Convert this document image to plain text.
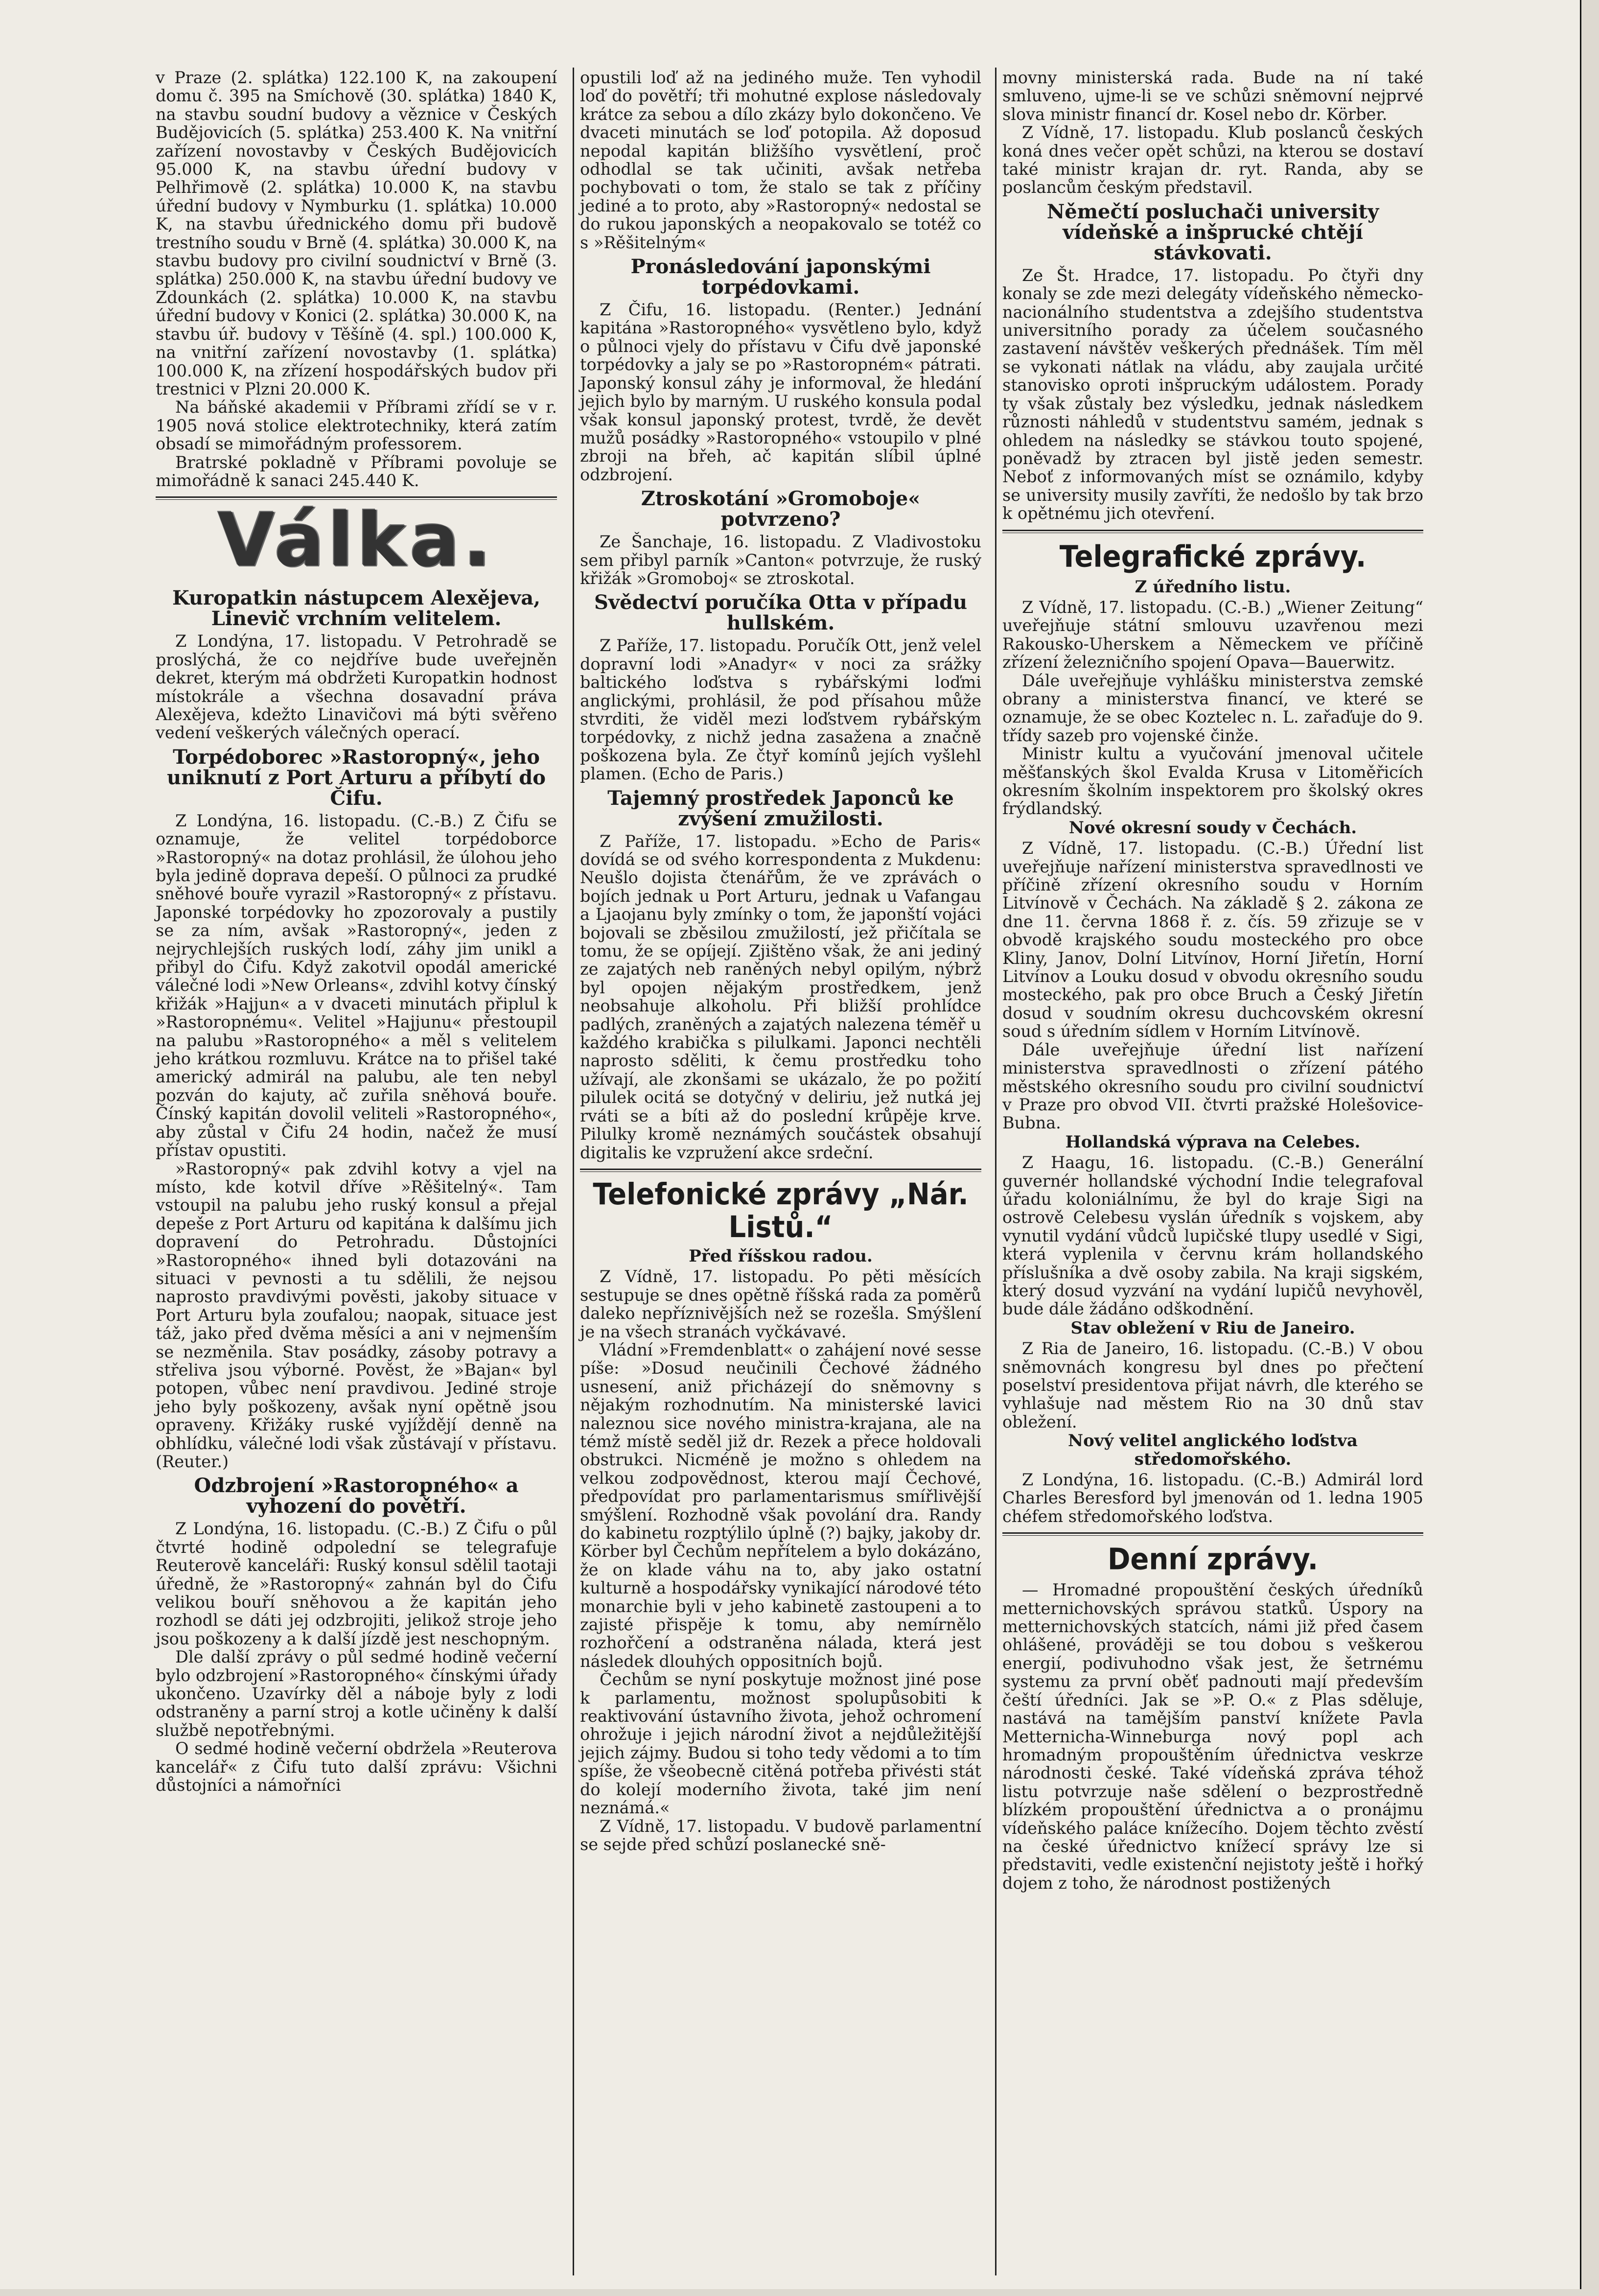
v Praze (2. splátka) 122.100 K, na zakoupení domu č. 395 na Smíchově (30. splátka) 1840 K, na stavbu soudní budovy a věznice v Českých Budějovicích (5. splátka) 253.400 K. Na vnitřní zařízení novostavby v Českých Budějovicích 95.000 K, na stavbu úřední budovy v Pelhřimově (2. splátka) 10.000 K, na stavbu úřední budovy v Nymburku (1. splátka) 10.000 K, na stavbu úřednického domu při budově trestního soudu v Brně (4. splátka) 30.000 K, na stavbu budovy pro civilní soudnictví v Brně (3. splátka) 250.000 K, na stavbu úřední budovy ve Zdounkách (2. splátka) 10.000 K, na stavbu úřední budovy v Konici (2. splátka) 30.000 K, na stavbu úř. budovy v Těšíně (4. spl.) 100.000 K, na vnitřní zařízení novostavby (1. splátka) 100.000 K, na zřízení hospodářských budov při trestnici v Plzni 20.000 K.

Na báňské akademii v Příbrami zřídí se v r. 1905 nová stolice elektrotechniky, která zatím obsadí se mimořádným professorem.

Bratrské pokladně v Příbrami povoluje se mimořádně k sanaci 245.440 K.

Válka.
Kuropatkin nástupcem Alexějeva, Linevič vrchním velitelem.

Z Londýna, 17. listopadu. V Petrohradě se proslýchá, že co nejdříve bude uveřejněn dekret, kterým má obdržeti Kuropatkin hodnost místokrále a všechna dosavadní práva Alexějeva, kdežto Linavičovi má býti svěřeno vedení veškerých válečných operací.

Torpédoborec »Rastoropný«, jeho uniknutí z Port Arturu a příbytí do Čifu.

Z Londýna, 16. listopadu. (C.-B.) Z Čifu se oznamuje, že velitel torpédoborce »Rastoropný« na dotaz prohlásil, že úlohou jeho byla jedině doprava depeší. O půlnoci za prudké sněhové bouře vyrazil »Rastoropný« z přístavu. Japonské torpédovky ho zpozorovaly a pustily se za ním, avšak »Rastoropný«, jeden z nejrychlejších ruských lodí, záhy jim unikl a přibyl do Čifu. Když zakotvil opodál americké válečné lodi »New Orleans«, zdvihl kotvy čínský křižák »Hajjun« a v dvaceti minutách připlul k »Rastoropnému«. Velitel »Hajjunu« přestoupil na palubu »Rastoropného« a měl s velitelem jeho krátkou rozmluvu. Krátce na to přišel také americký admirál na palubu, ale ten nebyl pozván do kajuty, ač zuřila sněhová bouře. Čínský kapitán dovolil veliteli »Rastoropného«, aby zůstal v Čifu 24 hodin, načež že musí přístav opustiti.

»Rastoropný« pak zdvihl kotvy a vjel na místo, kde kotvil dříve »Rěšitelný«. Tam vstoupil na palubu jeho ruský konsul a přejal depeše z Port Arturu od kapitána k dalšímu jich dopravení do Petrohradu. Důstojníci »Rastoropného« ihned byli dotazováni na situaci v pevnosti a tu sdělili, že nejsou naprosto pravdivými pověsti, jakoby situace v Port Arturu byla zoufalou; naopak, situace jest táž, jako před dvěma měsíci a ani v nejmenším se nezměnila. Stav posádky, zásoby potravy a střeliva jsou výborné. Pověst, že »Bajan« byl potopen, vůbec není pravdivou. Jediné stroje jeho byly poškozeny, avšak nyní opětně jsou opraveny. Křižáky ruské vyjíždějí denně na obhlídku, válečné lodi však zůstávají v přístavu. (Reuter.)

Odzbrojení »Rastoropného« a vyhození do povětří.

Z Londýna, 16. listopadu. (C.-B.) Z Čifu o půl čtvrté hodině odpolední se telegrafuje Reuterově kanceláři: Ruský konsul sdělil taotaji úředně, že »Rastoropný« zahnán byl do Čifu velikou bouří sněhovou a že kapitán jeho rozhodl se dáti jej odzbrojiti, jelikož stroje jeho jsou poškozeny a k další jízdě jest neschopným.

Dle další zprávy o půl sedmé hodině večerní bylo odzbrojení »Rastoropného« čínskými úřady ukončeno. Uzavírky děl a náboje byly z lodi odstraněny a parní stroj a kotle učiněny k další službě nepotřebnými.

O sedmé hodině večerní obdržela »Reuterova kancelář« z Čifu tuto další zprávu: Všichni důstojníci a námořníci

opustili loď až na jediného muže. Ten vyhodil loď do povětří; tři mohutné explose následovaly krátce za sebou a dílo zkázy bylo dokončeno. Ve dvaceti minutách se loď potopila. Až doposud nepodal kapitán bližšího vysvětlení, proč odhodlal se tak učiniti, avšak netřeba pochybovati o tom, že stalo se tak z příčiny jediné a to proto, aby »Rastoropný« nedostal se do rukou japonských a neopakovalo se totéž co s »Rěšitelným«

Pronásledování japonskými torpédovkami.

Z Čifu, 16. listopadu. (Renter.) Jednání kapitána »Rastoropného« vysvětleno bylo, když o půlnoci vjely do přístavu v Čifu dvě japonské torpédovky a jaly se po »Rastoropném« pátrati. Japonský konsul záhy je informoval, že hledání jejich bylo by marným. U ruského konsula podal však konsul japonský protest, tvrdě, že devět mužů posádky »Rastoropného« vstoupilo v plné zbroji na břeh, ač kapitán slíbil úplné odzbrojení.

Ztroskotání »Gromoboje« potvrzeno?

Ze Šanchaje, 16. listopadu. Z Vladivostoku sem přibyl parník »Canton« potvrzuje, že ruský křižák »Gromoboj« se ztroskotal.

Svědectví poručíka Otta v případu hullském.

Z Paříže, 17. listopadu. Poručík Ott, jenž velel dopravní lodi »Anadyr« v noci za srážky baltického loďstva s rybářskými loďmi anglickými, prohlásil, že pod přísahou může stvrditi, že viděl mezi loďstvem rybářským torpédovky, z nichž jedna zasažena a značně poškozena byla. Ze čtyř komínů jejích vyšlehl plamen. (Echo de Paris.)

Tajemný prostředek Japonců ke zvýšení zmužilosti.

Z Paříže, 17. listopadu. »Echo de Paris« dovídá se od svého korrespondenta z Mukdenu: Neušlo dojista čtenářům, že ve zprávách o bojích jednak u Port Arturu, jednak u Vafangau a Ljaojanu byly zmínky o tom, že japonští vojáci bojovali se zběsilou zmužilostí, jež přičítala se tomu, že se opíjejí. Zjištěno však, že ani jediný ze zajatých neb raněných nebyl opilým, nýbrž byl opojen nějakým prostředkem, jenž neobsahuje alkoholu. Při bližší prohlídce padlých, zraněných a zajatých nalezena téměř u každého krabička s pilulkami. Japonci nechtěli naprosto sděliti, k čemu prostředku toho užívají, ale zkonšami se ukázalo, že po požití pilulek ocitá se dotyčný v deliriu, jež nutká jej rváti se a bíti až do poslední krůpěje krve. Pilulky kromě neznámých součástek obsahují digitalis ke vzpružení akce srdeční.

Telefonické zprávy „Nár. Listů.“
Před říšskou radou.

Z Vídně, 17. listopadu. Po pěti měsících sestupuje se dnes opětně říšská rada za poměrů daleko nepříznivějších než se rozešla. Smýšlení je na všech stranách vyčkávavé.

Vládní »Fremdenblatt« o zahájení nové sesse píše: »Dosud neučinili Čechové žádného usnesení, aniž přicházejí do sněmovny s nějakým rozhodnutím. Na ministerské lavici naleznou sice nového ministra-krajana, ale na témž místě seděl již dr. Rezek a přece holdovali obstrukci. Nicméně je možno s ohledem na velkou zodpovědnost, kterou mají Čechové, předpovídat pro parlamentarismus smířlivější smýšlení. Rozhodně však povolání dra. Randy do kabinetu rozptýlilo úplně (?) bajky, jakoby dr. Körber byl Čechům nepřítelem a bylo dokázáno, že on klade váhu na to, aby jako ostatní kulturně a hospodářsky vynikající národové této monarchie byli v jeho kabinetě zastoupeni a to zajisté přispěje k tomu, aby nemírnělo rozhořčení a odstraněna nálada, která jest následek dlouhých oppositních bojů.

Čechům se nyní poskytuje možnost jiné pose k parlamentu, možnost spolupůsobiti k reaktivování ústavního života, jehož ochromení ohrožuje i jejich národní život a nejdůležitější jejich zájmy. Budou si toho tedy vědomi a to tím spíše, že všeobecně citěná potřeba přivésti stát do kolejí moderního života, také jim není neznámá.«

Z Vídně, 17. listopadu. V budově parlamentní se sejde před schůzí poslanecké sně-

movny ministerská rada. Bude na ní také smluveno, ujme-li se ve schůzi sněmovní nejprvé slova ministr financí dr. Kosel nebo dr. Körber.

Z Vídně, 17. listopadu. Klub poslanců českých koná dnes večer opět schůzi, na kterou se dostaví také ministr krajan dr. ryt. Randa, aby se poslancům českým představil.

Němečtí posluchači university vídeňské a inšprucké chtějí stávkovati.

Ze Št. Hradce, 17. listopadu. Po čtyři dny konaly se zde mezi delegáty vídeňského německo-nacionálního studentstva a zdejšího studentstva universitního porady za účelem současného zastavení návštěv veškerých přednášek. Tím měl se vykonati nátlak na vládu, aby zaujala určité stanovisko oproti inšpruckým událostem. Porady ty však zůstaly bez výsledku, jednak následkem různosti náhledů v studentstvu samém, jednak s ohledem na následky se stávkou touto spojené, poněvadž by ztracen byl jistě jeden semestr. Neboť z informovaných míst se oznámilo, kdyby se university musily zavříti, že nedošlo by tak brzo k opětnému jich otevření.

Telegrafické zprávy.
Z úředního listu.

Z Vídně, 17. listopadu. (C.-B.) „Wiener Zeitung“ uveřejňuje státní smlouvu uzavřenou mezi Rakousko-Uherskem a Německem ve příčině zřízení železničního spojení Opava—Bauerwitz.

Dále uveřejňuje vyhlášku ministerstva zemské obrany a ministerstva financí, ve které se oznamuje, že se obec Koztelec n. L. zařaďuje do 9. třídy sazeb pro vojenské činže.

Ministr kultu a vyučování jmenoval učitele měšťanských škol Evalda Krusa v Litoměřicích okresním školním inspektorem pro školský okres frýdlandský.

Nové okresní soudy v Čechách.

Z Vídně, 17. listopadu. (C.-B.) Úřední list uveřejňuje nařízení ministerstva spravedlnosti ve příčině zřízení okresního soudu v Horním Litvínově v Čechách. Na základě § 2. zákona ze dne 11. června 1868 ř. z. čís. 59 zřizuje se v obvodě krajského soudu mosteckého pro obce Kliny, Janov, Dolní Litvínov, Horní Jiřetín, Horní Litvínov a Louku dosud v obvodu okresního soudu mosteckého, pak pro obce Bruch a Český Jiřetín dosud v soudním okresu duchcovském okresní soud s úředním sídlem v Horním Litvínově.

Dále uveřejňuje úřední list nařízení ministerstva spravedlnosti o zřízení pátého městského okresního soudu pro civilní soudnictví v Praze pro obvod VII. čtvrti pražské Holešovice-Bubna.

Hollandská výprava na Celebes.

Z Haagu, 16. listopadu. (C.-B.) Generální guvernér hollandské východní Indie telegrafoval úřadu koloniálnímu, že byl do kraje Sigi na ostrově Celebesu vyslán úředník s vojskem, aby vynutil vydání vůdců lupičské tlupy usedlé v Sigi, která vyplenila v červnu krám hollandského příslušníka a dvě osoby zabila. Na kraji sigském, který dosud vyzvání na vydání lupičů nevyhověl, bude dále žádáno odškodnění.

Stav obležení v Riu de Janeiro.

Z Ria de Janeiro, 16. listopadu. (C.-B.) V obou sněmovnách kongresu byl dnes po přečtení poselství presidentova přijat návrh, dle kterého se vyhlašuje nad městem Rio na 30 dnů stav obležení.

Nový velitel anglického loďstva středomořského.

Z Londýna, 16. listopadu. (C.-B.) Admirál lord Charles Beresford byl jmenován od 1. ledna 1905 chéfem středomořského loďstva.

Denní zprávy.

— Hromadné propouštění českých úředníků metternichovských správou statků. Úspory na metternichovských statcích, námi již před časem ohlášené, prováději se tou dobou s veškerou energií, podivuhodno však jest, že šetrnému systemu za první oběť padnouti mají především čeští úředníci. Jak se »P. O.« z Plas sděluje, nastává na tamějším panství knížete Pavla Metternicha-Winneburga nový popl ach hromadným propouštěním úřednictva veskrze národnosti české. Také vídeňská zpráva téhož listu potvrzuje naše sdělení o bezprostředně blízkém propouštění úřednictva a o pronájmu vídeňského paláce knížecího. Dojem těchto zvěstí na české úřednictvo knížecí správy lze si představiti, vedle existenční nejistoty ještě i hořký dojem z toho, že národnost postižených
